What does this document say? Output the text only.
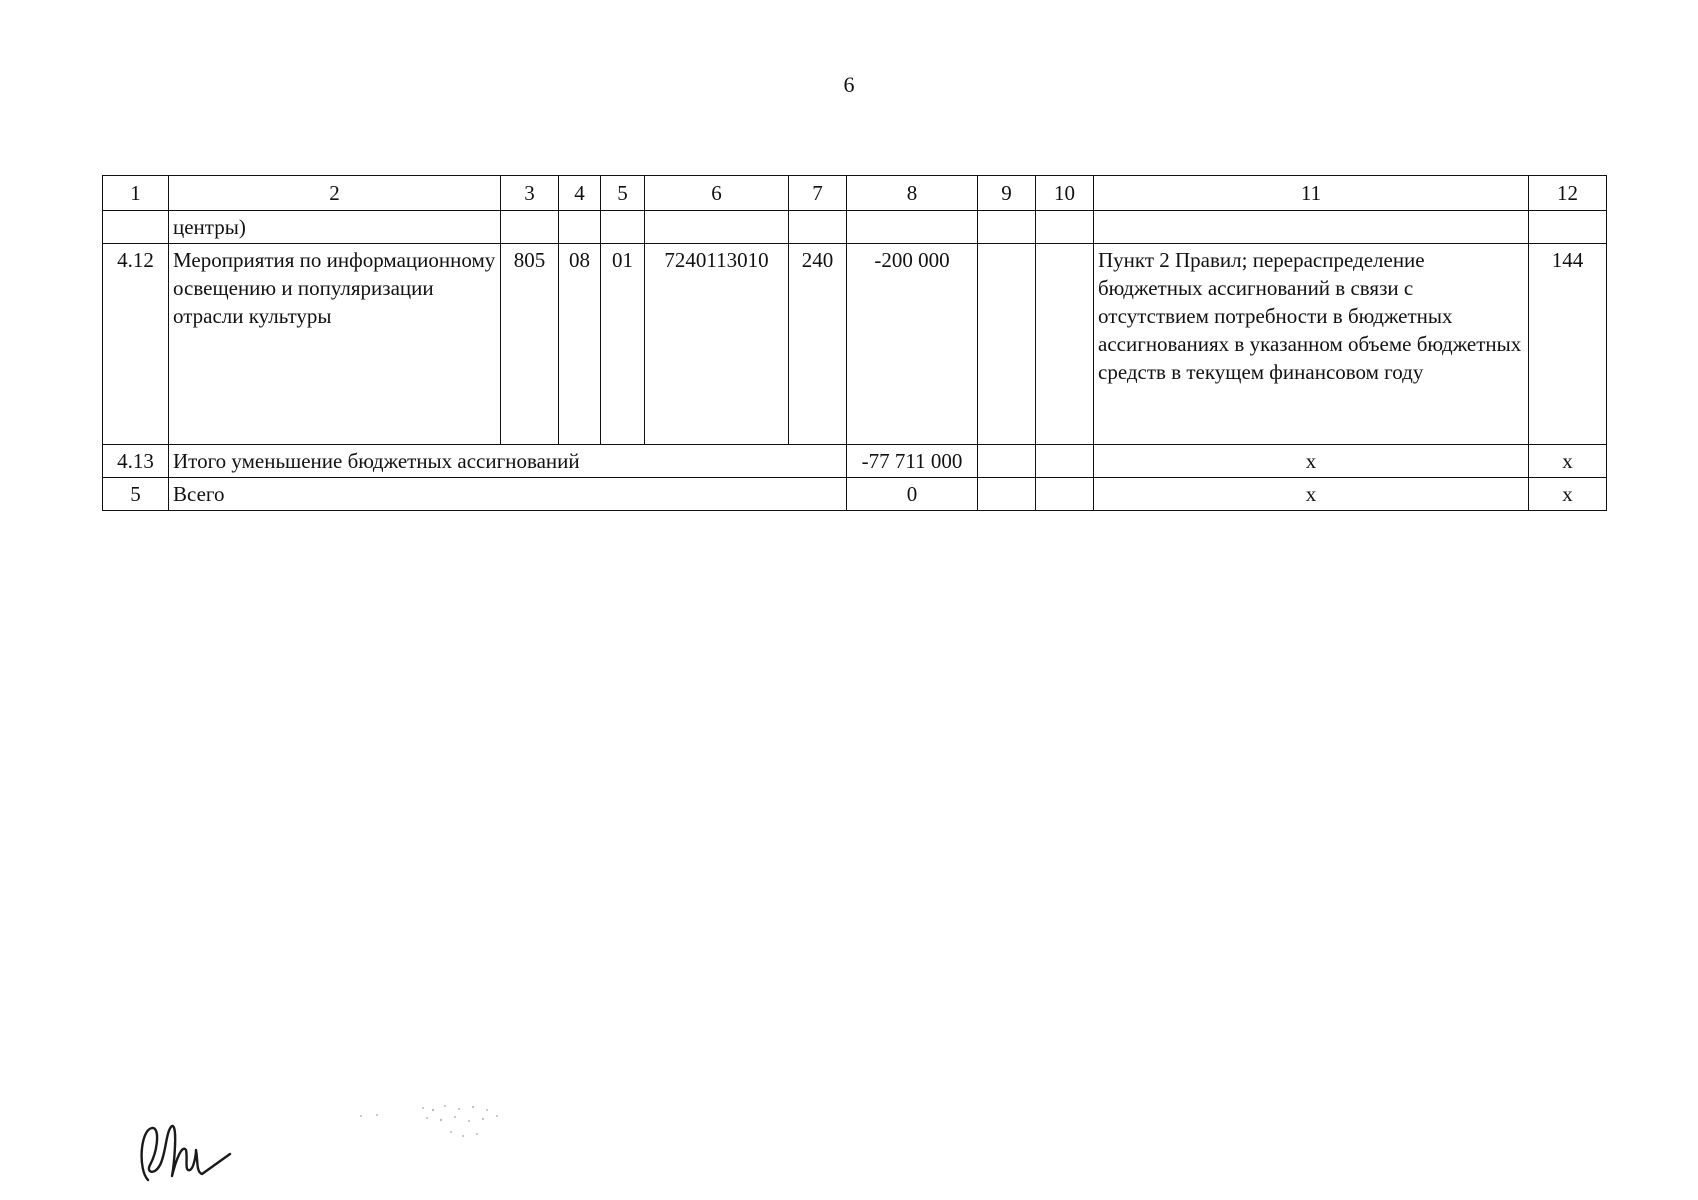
6
1	2	3	4	5	6	7	8	9	10	11	12
	центры)										
4.12	Мероприятия по информационному освещению и популяризации отрасли культуры	805	08	01	7240113010	240	-200 000			Пункт 2 Правил; перераспределение бюджетных ассигнований в связи с отсутствием потребности в бюджетных ассигнованиях в указанном объеме бюджетных средств в текущем финансовом году	144
4.13	Итого уменьшение бюджетных ассигнований						-77 711 000			x	x
5	Всего						0			x	x
